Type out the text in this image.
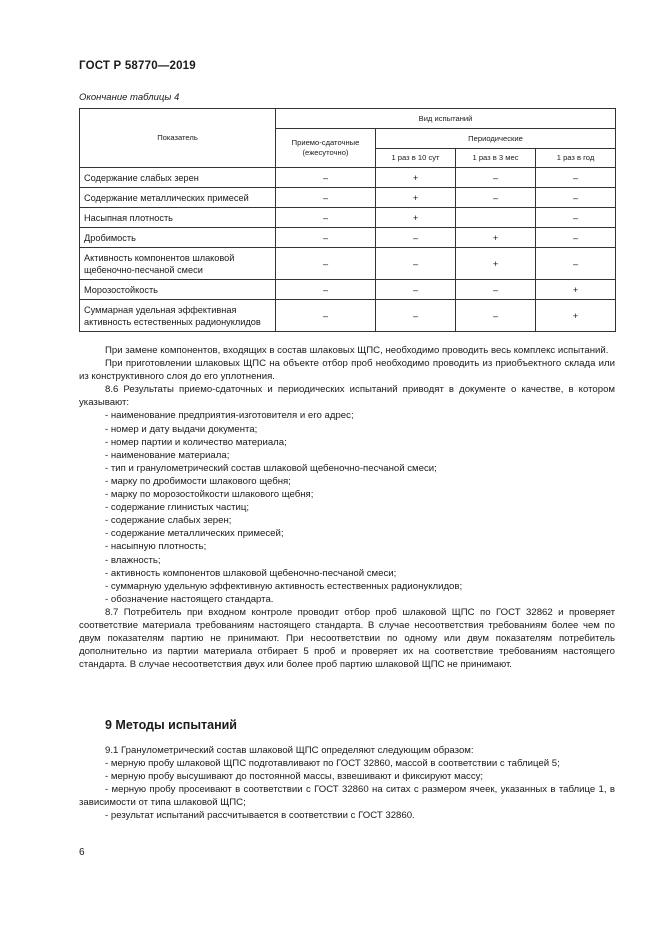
ГОСТ Р 58770—2019
Окончание таблицы 4
Показатель	Вид испытаний			
	Приемо-сдаточные (ежесуточно)	Периодические		
		1 раз в 10 сут	1 раз в 3 мес	1 раз в год
Содержание слабых зерен	–	+	–	–
Содержание металлических примесей	–	+	–	–
Насыпная плотность	–	+		–
Дробимость	–	–	+	–
Активность компонентов шлаковой щебеночно-песчаной смеси	–	–	+	–
Морозостойкость	–	–	–	+
Суммарная удельная эффективная активность естественных радионуклидов	–	–	–	+

При замене компонентов, входящих в состав шлаковых ЩПС, необходимо проводить весь комплекс испытаний.

При приготовлении шлаковых ЩПС на объекте отбор проб необходимо проводить из приобъектного склада или из конструктивного слоя до его уплотнения.

8.6 Результаты приемо-сдаточных и периодических испытаний приводят в документе о качестве, в котором указывают:

- наименование предприятия-изготовителя и его адрес;
- номер и дату выдачи документа;
- номер партии и количество материала;
- наименование материала;
- тип и гранулометрический состав шлаковой щебеночно-песчаной смеси;
- марку по дробимости шлакового щебня;
- марку по морозостойкости шлакового щебня;
- содержание глинистых частиц;
- содержание слабых зерен;
- содержание металлических примесей;
- насыпную плотность;
- влажность;
- активность компонентов шлаковой щебеночно-песчаной смеси;
- суммарную удельную эффективную активность естественных радионуклидов;
- обозначение настоящего стандарта.

8.7 Потребитель при входном контроле проводит отбор проб шлаковой ЩПС по ГОСТ 32862 и проверяет соответствие материала требованиям настоящего стандарта. В случае несоответствия требованиям более чем по двум показателям партию не принимают. При несоответствии по одному или двум показателям потребитель дополнительно из партии материала отбирает 5 проб и проверяет их на соответствие требованиям настоящего стандарта. В случае несоответствия двух или более проб партию шлаковой ЩПС не принимают.

9 Методы испытаний

9.1 Гранулометрический состав шлаковой ЩПС определяют следующим образом:

- мерную пробу шлаковой ЩПС подготавливают по ГОСТ 32860, массой в соответствии с таблицей 5;

- мерную пробу высушивают до постоянной массы, взвешивают и фиксируют массу;

- мерную пробу просеивают в соответствии с ГОСТ 32860 на ситах с размером ячеек, указанных в таблице 1, в зависимости от типа шлаковой ЩПС;

- результат испытаний рассчитывается в соответствии с ГОСТ 32860.

6
